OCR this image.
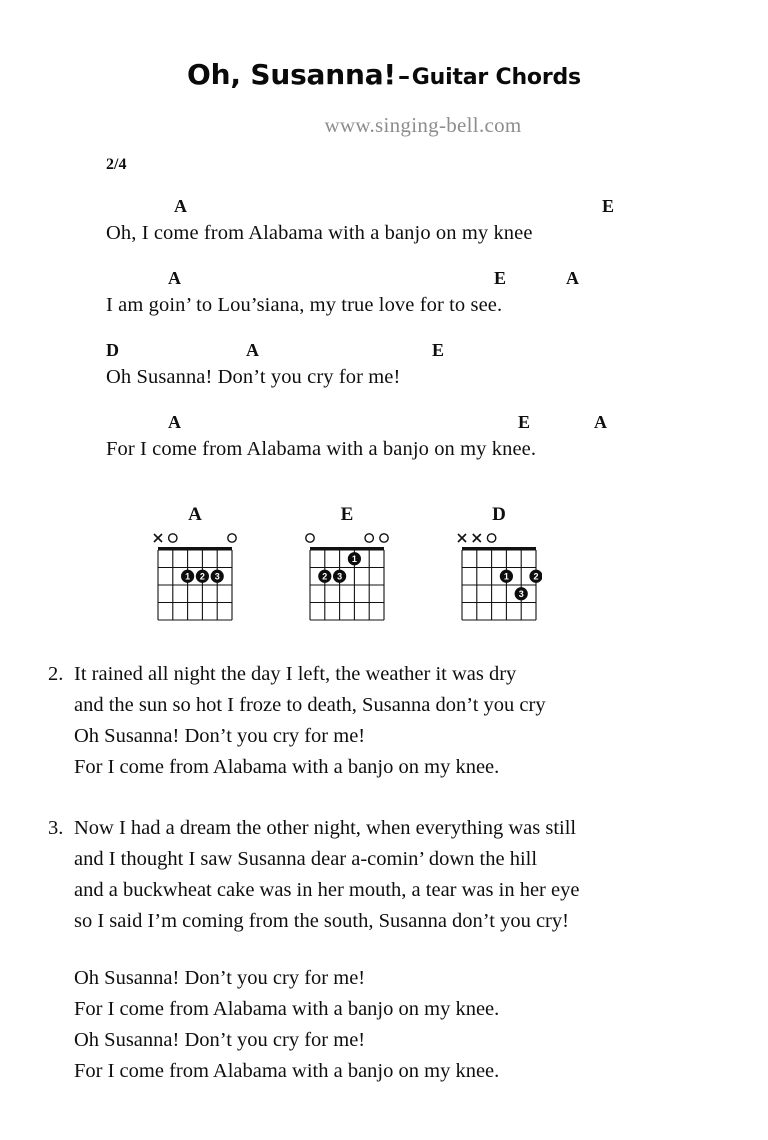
Oh, Susanna!–Guitar Chords
www.singing-bell.com
2/4
A	E
Oh, I come from Alabama with a banjo on my knee
A	E	A
I am goin’ to Lou’siana, my true love for to see.
D	A	E
Oh Susanna! Don’t you cry for me!
A	E	A
For I come from Alabama with a banjo on my knee.
A
1 2 3
E
1
2 3
D
1	2
3
2. It rained all night the day I left, the weather it was dry
and the sun so hot I froze to death, Susanna don’t you cry
Oh Susanna! Don’t you cry for me!
For I come from Alabama with a banjo on my knee.
3. Now I had a dream the other night, when everything was still
and I thought I saw Susanna dear a-comin’ down the hill
and a buckwheat cake was in her mouth, a tear was in her eye
so I said I’m coming from the south, Susanna don’t you cry!
Oh Susanna! Don’t you cry for me!
For I come from Alabama with a banjo on my knee.
Oh Susanna! Don’t you cry for me!
For I come from Alabama with a banjo on my knee.
